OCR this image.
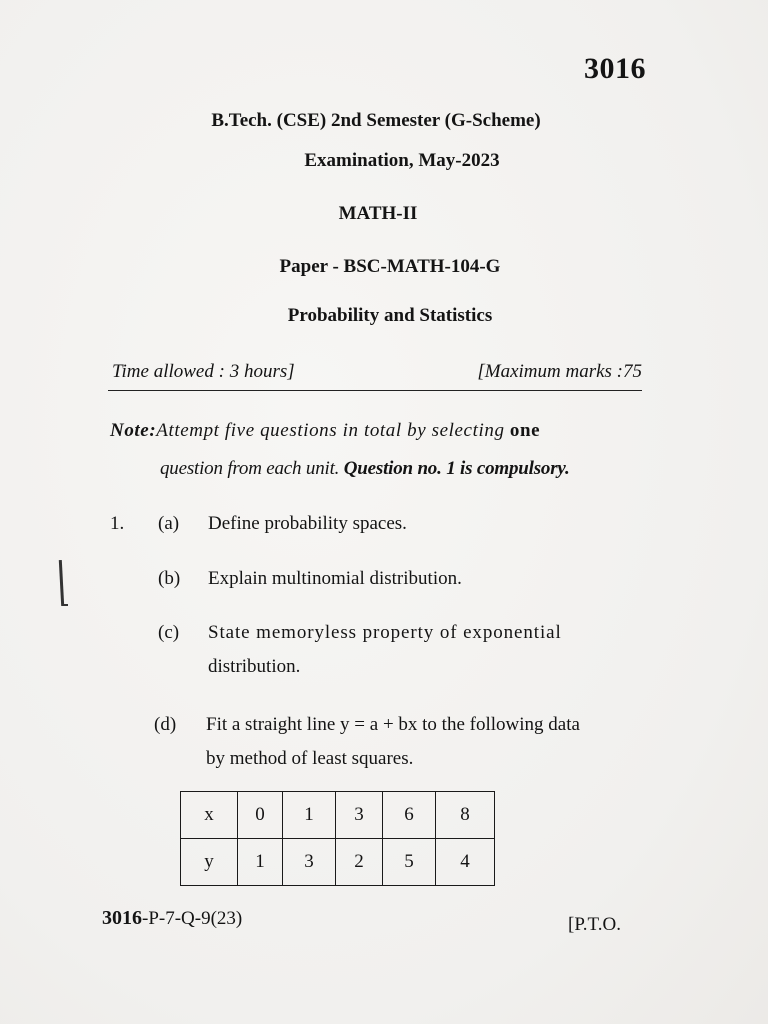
3016
B.Tech. (CSE) 2nd Semester (G-Scheme)
Examination, May-2023
MATH-II
Paper - BSC-MATH-104-G
Probability and Statistics
Time allowed : 3 hours]	[Maximum marks :75
Note:Attempt five questions in total by selecting one
question from each unit. Question no. 1 is compulsory.
1. (a) Define probability spaces.
(b) Explain multinomial distribution.
(c) State memoryless property of exponential
distribution.
(d) Fit a straight line y = a + bx to the following data
by method of least squares.
x	0	1	3	6	8
y	1	3	2	5	4
3016-P-7-Q-9(23)	[P.T.O.
